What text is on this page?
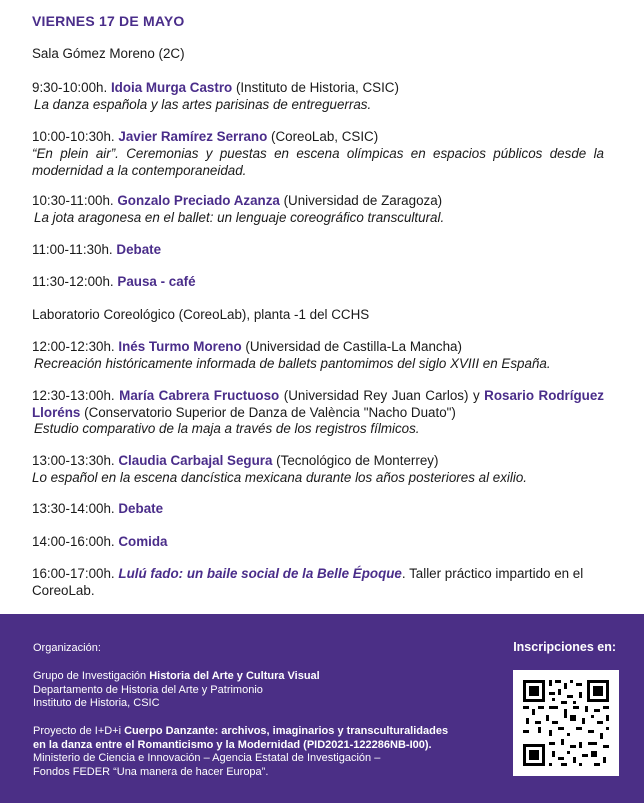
VIERNES 17 DE MAYO
Sala Gómez Moreno (2C)
9:30-10:00h. Idoia Murga Castro (Instituto de Historia, CSIC)
La danza española y las artes parisinas de entreguerras.
10:00-10:30h. Javier Ramírez Serrano (CoreoLab, CSIC)
“En plein air”. Ceremonias y puestas en escena olímpicas en espacios públicos desde la modernidad a la contemporaneidad.
10:30-11:00h. Gonzalo Preciado Azanza (Universidad de Zaragoza)
La jota aragonesa en el ballet: un lenguaje coreográfico transcultural.
11:00-11:30h. Debate
11:30-12:00h. Pausa - café
Laboratorio Coreológico (CoreoLab), planta -1 del CCHS
12:00-12:30h. Inés Turmo Moreno (Universidad de Castilla-La Mancha)
Recreación históricamente informada de ballets pantomimos del siglo XVIII en España.
12:30-13:00h. María Cabrera Fructuoso (Universidad Rey Juan Carlos) y Rosario Rodríguez Lloréns (Conservatorio Superior de Danza de València "Nacho Duato")
Estudio comparativo de la maja a través de los registros fílmicos.
13:00-13:30h. Claudia Carbajal Segura (Tecnológico de Monterrey)
Lo español en la escena dancística mexicana durante los años posteriores al exilio.
13:30-14:00h. Debate
14:00-16:00h. Comida
16:00-17:00h. Lulú fado: un baile social de la Belle Époque. Taller práctico impartido en el CoreoLab.
Organización:
Grupo de Investigación Historia del Arte y Cultura Visual
Departamento de Historia del Arte y Patrimonio
Instituto de Historia, CSIC
Proyecto de I+D+i Cuerpo Danzante: archivos, imaginarios y transculturalidades
en la danza entre el Romanticismo y la Modernidad (PID2021-122286NB-I00).
Ministerio de Ciencia e Innovación – Agencia Estatal de Investigación –
Fondos FEDER “Una manera de hacer Europa”.
Inscripciones en:
